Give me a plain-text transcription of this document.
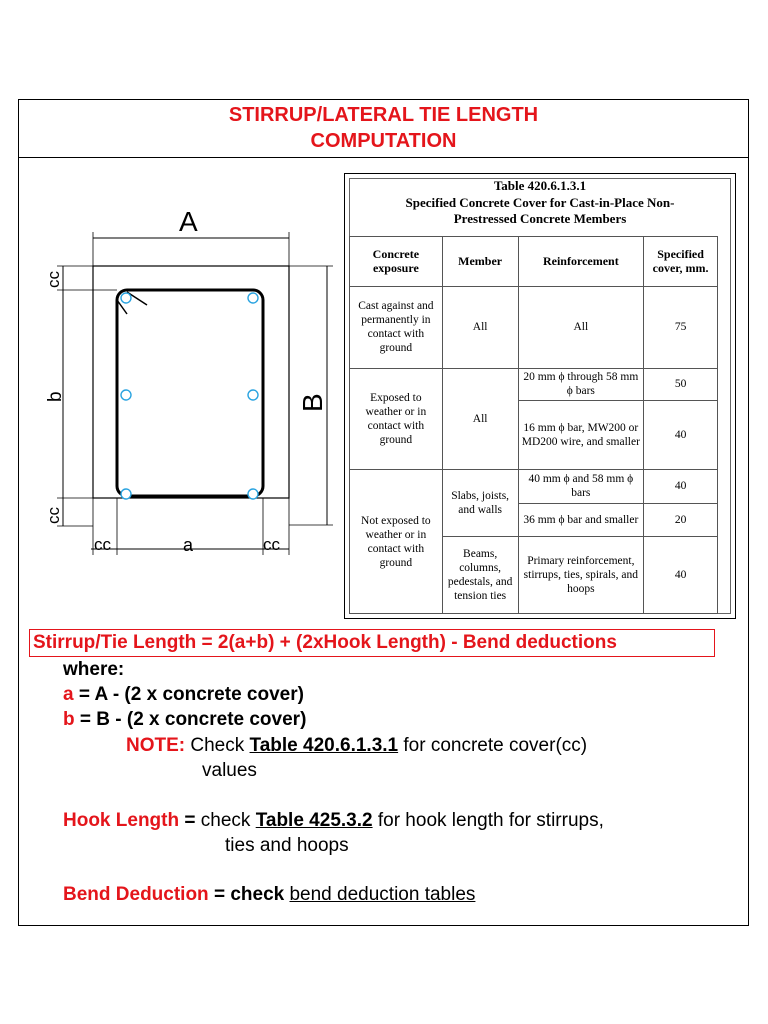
STIRRUP/LATERAL TIE LENGTH
COMPUTATION
A
B
cc
b
cc
cc	a	cc
Table 420.6.1.3.1
Specified Concrete Cover for Cast-in-Place Non-
Prestressed Concrete Members
Concrete exposure	Member	Reinforcement	Specified cover, mm.
Cast against and permanently in contact with ground	All	All	75
Exposed to weather or in contact with ground	All	20 mm ϕ through 58 mm ϕ bars	50
		16 mm ϕ bar, MW200 or MD200 wire, and smaller	40
Not exposed to weather or in contact with ground	Slabs, joists, and walls	40 mm ϕ and 58 mm ϕ bars	40
		36 mm ϕ bar and smaller	20
	Beams, columns, pedestals, and tension ties	Primary reinforcement, stirrups, ties, spirals, and hoops	40
Stirrup/Tie Length = 2(a+b) + (2xHook Length) - Bend deductions
where:
a = A - (2 x concrete cover)
b = B - (2 x concrete cover)
NOTE: Check Table 420.6.1.3.1 for concrete cover(cc)
values
Hook Length = check Table 425.3.2 for hook length for stirrups,
ties and hoops
Bend Deduction = check bend deduction tables
